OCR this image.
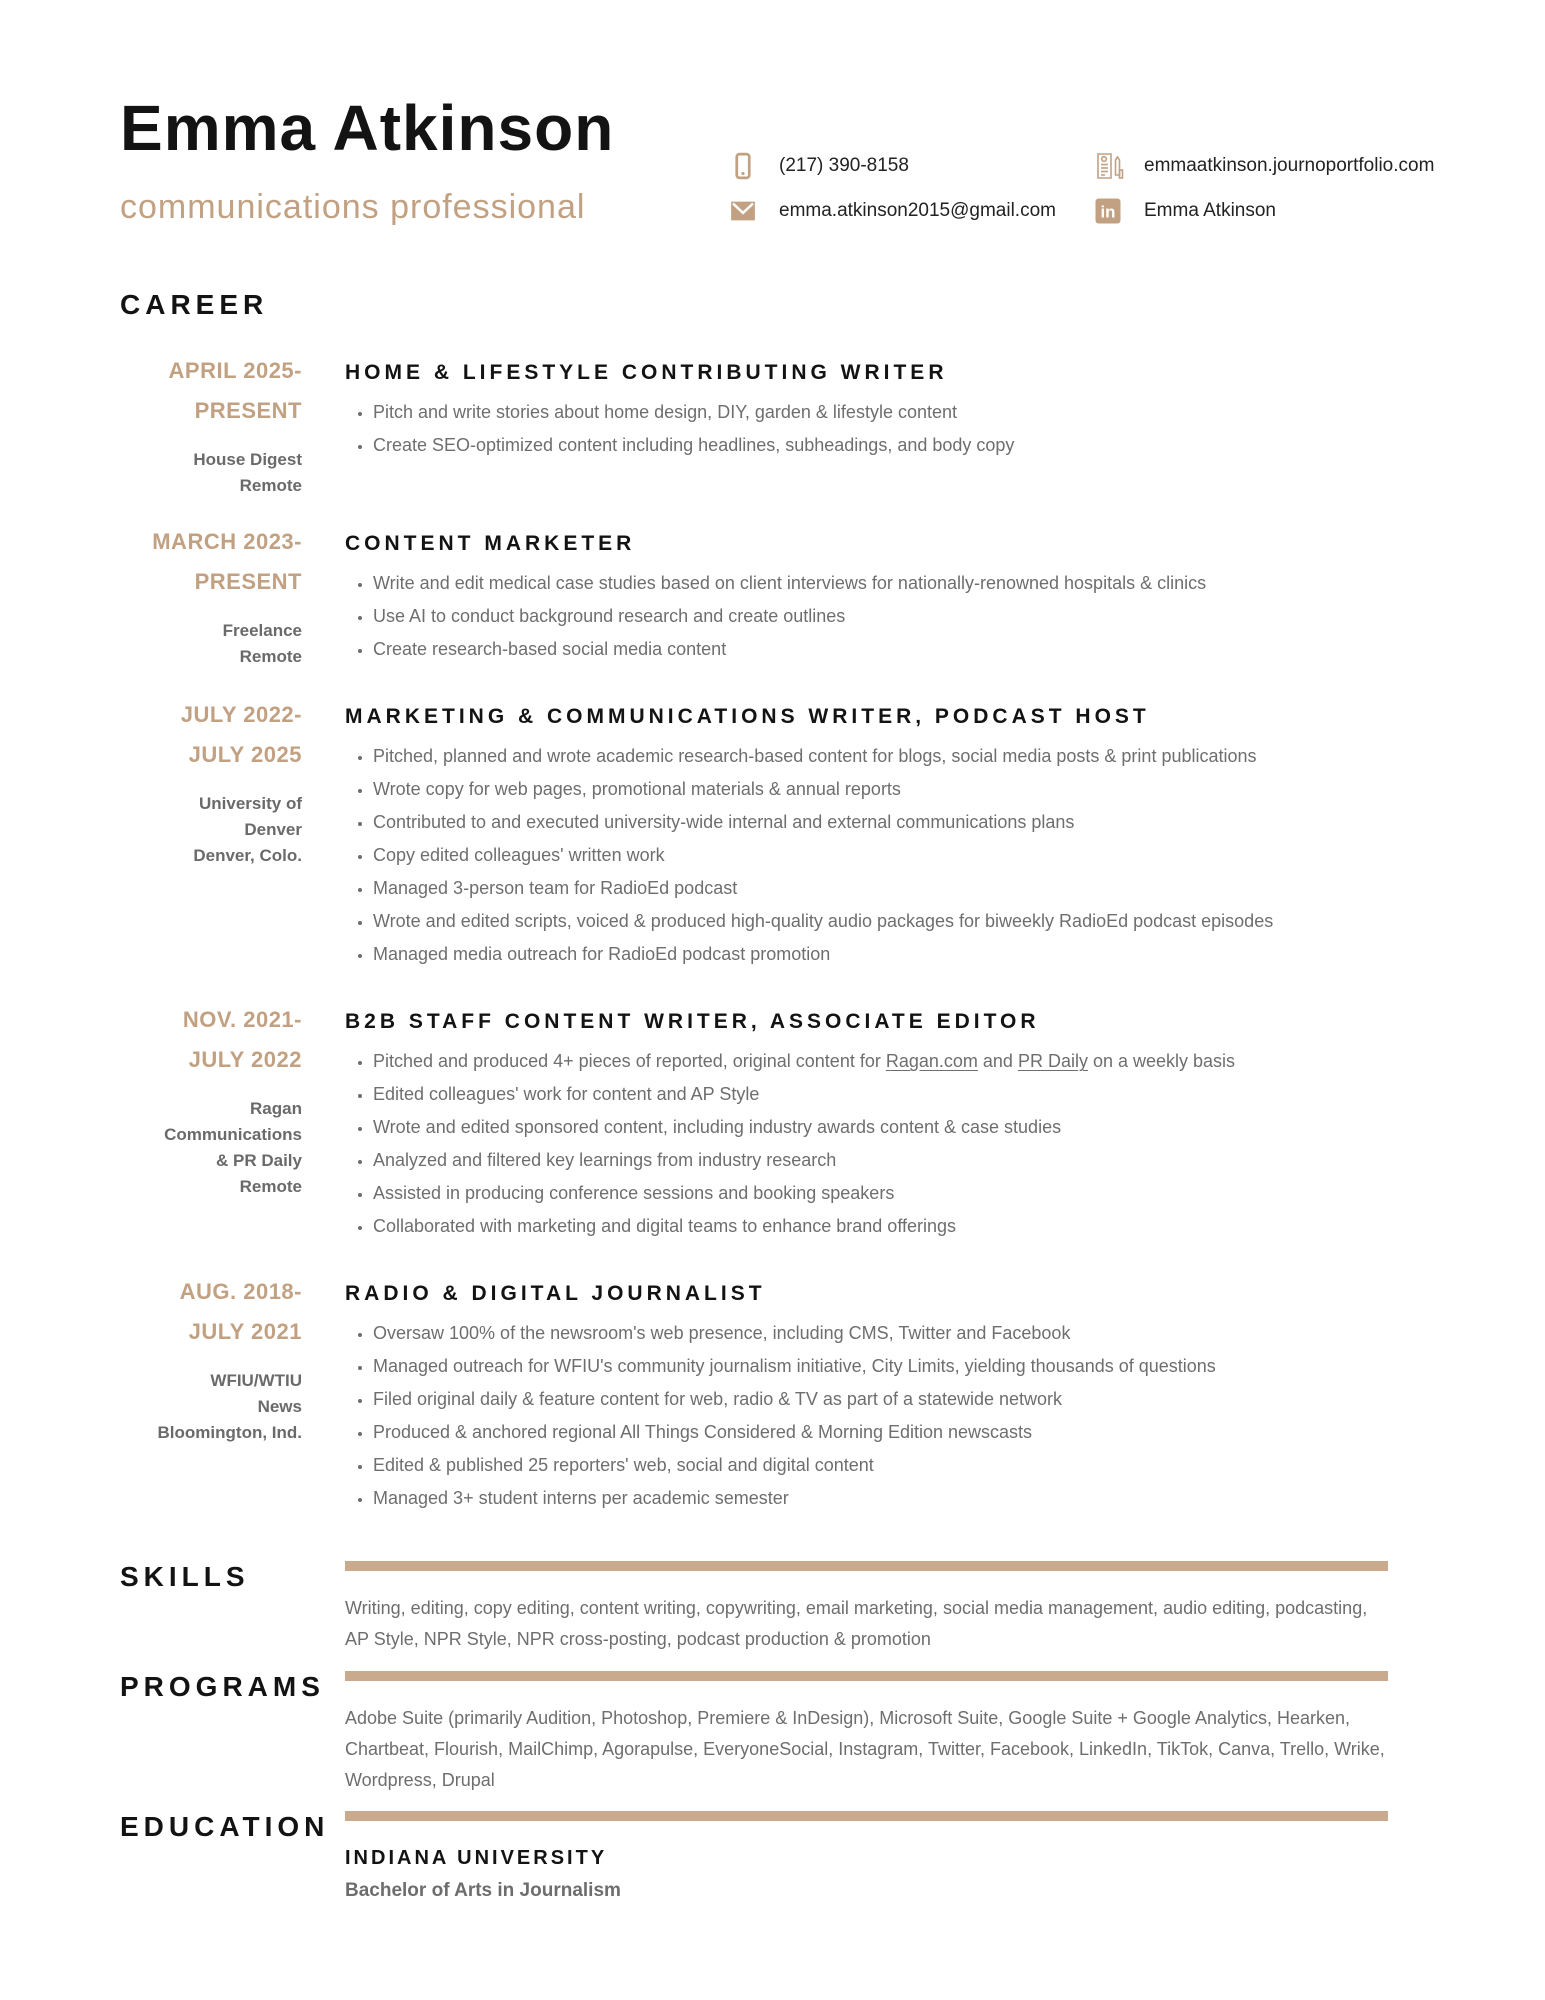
Emma Atkinson
communications professional
(217) 390-8158	emmaatkinson.journoportfolio.com
emma.atkinson2015@gmail.com	in Emma Atkinson
CAREER
APRIL 2025-
PRESENT
House Digest
Remote
HOME & LIFESTYLE CONTRIBUTING WRITER
• Pitch and write stories about home design, DIY, garden & lifestyle content
• Create SEO-optimized content including headlines, subheadings, and body copy
MARCH 2023-
PRESENT
Freelance
Remote
CONTENT MARKETER
• Write and edit medical case studies based on client interviews for nationally-renowned hospitals & clinics
• Use AI to conduct background research and create outlines
• Create research-based social media content
JULY 2022-
JULY 2025
University of
Denver
Denver, Colo.
MARKETING & COMMUNICATIONS WRITER, PODCAST HOST
• Pitched, planned and wrote academic research-based content for blogs, social media posts & print publications
• Wrote copy for web pages, promotional materials & annual reports
• Contributed to and executed university-wide internal and external communications plans
• Copy edited colleagues' written work
• Managed 3-person team for RadioEd podcast
• Wrote and edited scripts, voiced & produced high-quality audio packages for biweekly RadioEd podcast episodes
• Managed media outreach for RadioEd podcast promotion
NOV. 2021-
JULY 2022
Ragan
Communications
& PR Daily
Remote
B2B STAFF CONTENT WRITER, ASSOCIATE EDITOR
• Pitched and produced 4+ pieces of reported, original content for Ragan.com and PR Daily on a weekly basis
• Edited colleagues' work for content and AP Style
• Wrote and edited sponsored content, including industry awards content & case studies
• Analyzed and filtered key learnings from industry research
• Assisted in producing conference sessions and booking speakers
• Collaborated with marketing and digital teams to enhance brand offerings
AUG. 2018-
JULY 2021
WFIU/WTIU
News
Bloomington, Ind.
RADIO & DIGITAL JOURNALIST
• Oversaw 100% of the newsroom's web presence, including CMS, Twitter and Facebook
• Managed outreach for WFIU's community journalism initiative, City Limits, yielding thousands of questions
• Filed original daily & feature content for web, radio & TV as part of a statewide network
• Produced & anchored regional All Things Considered & Morning Edition newscasts
• Edited & published 25 reporters' web, social and digital content
• Managed 3+ student interns per academic semester
SKILLS
Writing, editing, copy editing, content writing, copywriting, email marketing, social media management, audio editing, podcasting, AP Style, NPR Style, NPR cross-posting, podcast production & promotion
PROGRAMS
Adobe Suite (primarily Audition, Photoshop, Premiere & InDesign), Microsoft Suite, Google Suite + Google Analytics, Hearken, Chartbeat, Flourish, MailChimp, Agorapulse, EveryoneSocial, Instagram, Twitter, Facebook, LinkedIn, TikTok, Canva, Trello, Wrike, Wordpress, Drupal
EDUCATION
INDIANA UNIVERSITY
Bachelor of Arts in Journalism
